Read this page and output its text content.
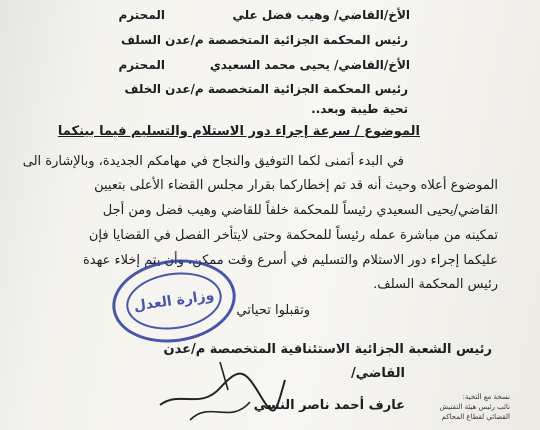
الأخ/القاضي/ وهيب فضل علي
المحترم
رئيس المحكمة الجزائية المتخصصة م/عدن السلف
الأخ/القاضي/ يحيى محمد السعيدي
المحترم
رئيس المحكمة الجزائية المتخصصة م/عدن الخلف
تحية طيبة وبعد..
الموضوع / سرعة إجراء دور الاستلام والتسليم فيما بينكما
في البدء أتمنى لكما التوفيق والنجاح في مهامكم الجديدة، وبالإشارة الى
الموضوع أعلاه وحيث أنه قد تم إخطاركما بقرار مجلس القضاء الأعلى بتعيين
القاضي/يحيى السعيدي رئيساً للمحكمة خلفاً للقاضي وهيب فضل ومن أجل
تمكينه من مباشرة عمله رئيساً للمحكمة وحتى لايتأخر الفصل في القضايا فإن
عليكما إجراء دور الاستلام والتسليم في أسرع وقت ممكن، وأن يتم إخلاء عهدة
رئيس المحكمة السلف.
وتقبلوا تحياتي
رئيس الشعبة الجزائية الاستئنافية المتخصصة م/عدن
القاضي/
عارف أحمد ناصر النسي
وزارة العدل
نسخة مع التحية:
نائب رئيس هيئة التفتيش
القضائي لقطاع المحاكم
